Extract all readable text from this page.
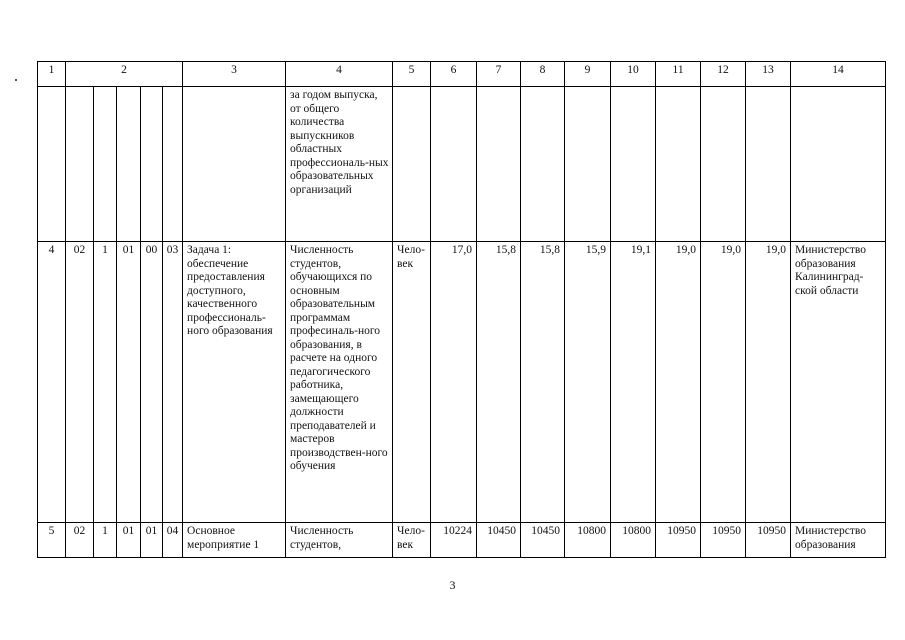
1	2					3	4	5	6	7	8	9	10	11	12	13	14
							за годом выпуска, от общего количества выпускников областных профессиональ-ных образовательных организаций										
4	02	1	01	00	03	Задача 1: обеспечение предоставления доступного, качественного профессиональ-ного образования	Численность студентов, обучающихся по основным образовательным программам професиналь-ного образования, в расчете на одного педагогического работника, замещающего должности преподавателей и мастеров производствен-ного обучения	Чело-век	17,0	15,8	15,8	15,9	19,1	19,0	19,0	19,0	Министерство образования Калининград-ской области
5	02	1	01	01	04	Основное мероприятие 1	Численность студентов,	Чело-век	10224	10450	10450	10800	10800	10950	10950	10950	Министерство образования
3
